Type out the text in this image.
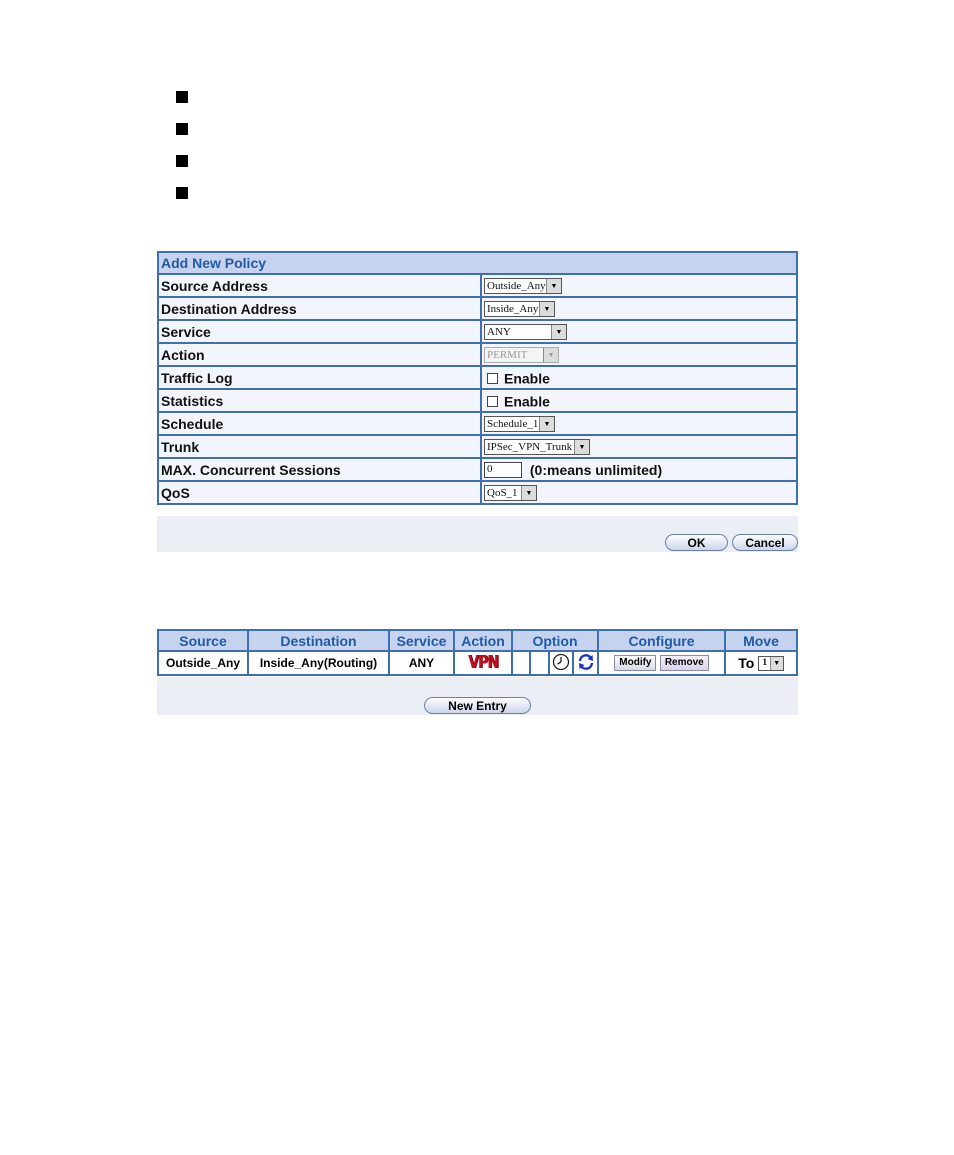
Add New Policy	
Source Address	Outside_Any ▼

Destination Address	Inside_Any ▼

Service	ANY ▼

Action	PERMIT ▼

Traffic Log	Enable
Statistics	Enable
Schedule	Schedule_1 ▼

Trunk	IPSec_VPN_Trunk ▼

MAX. Concurrent Sessions	0 (0:means unlimited)
QoS	QoS_1 ▼
OK	Cancel
Source	Destination	Service	Action	Option				Configure	Move
Outside_Any	Inside_Any(Routing)	ANY	VPN					Modify Remove	To 1 ▼
New Entry
